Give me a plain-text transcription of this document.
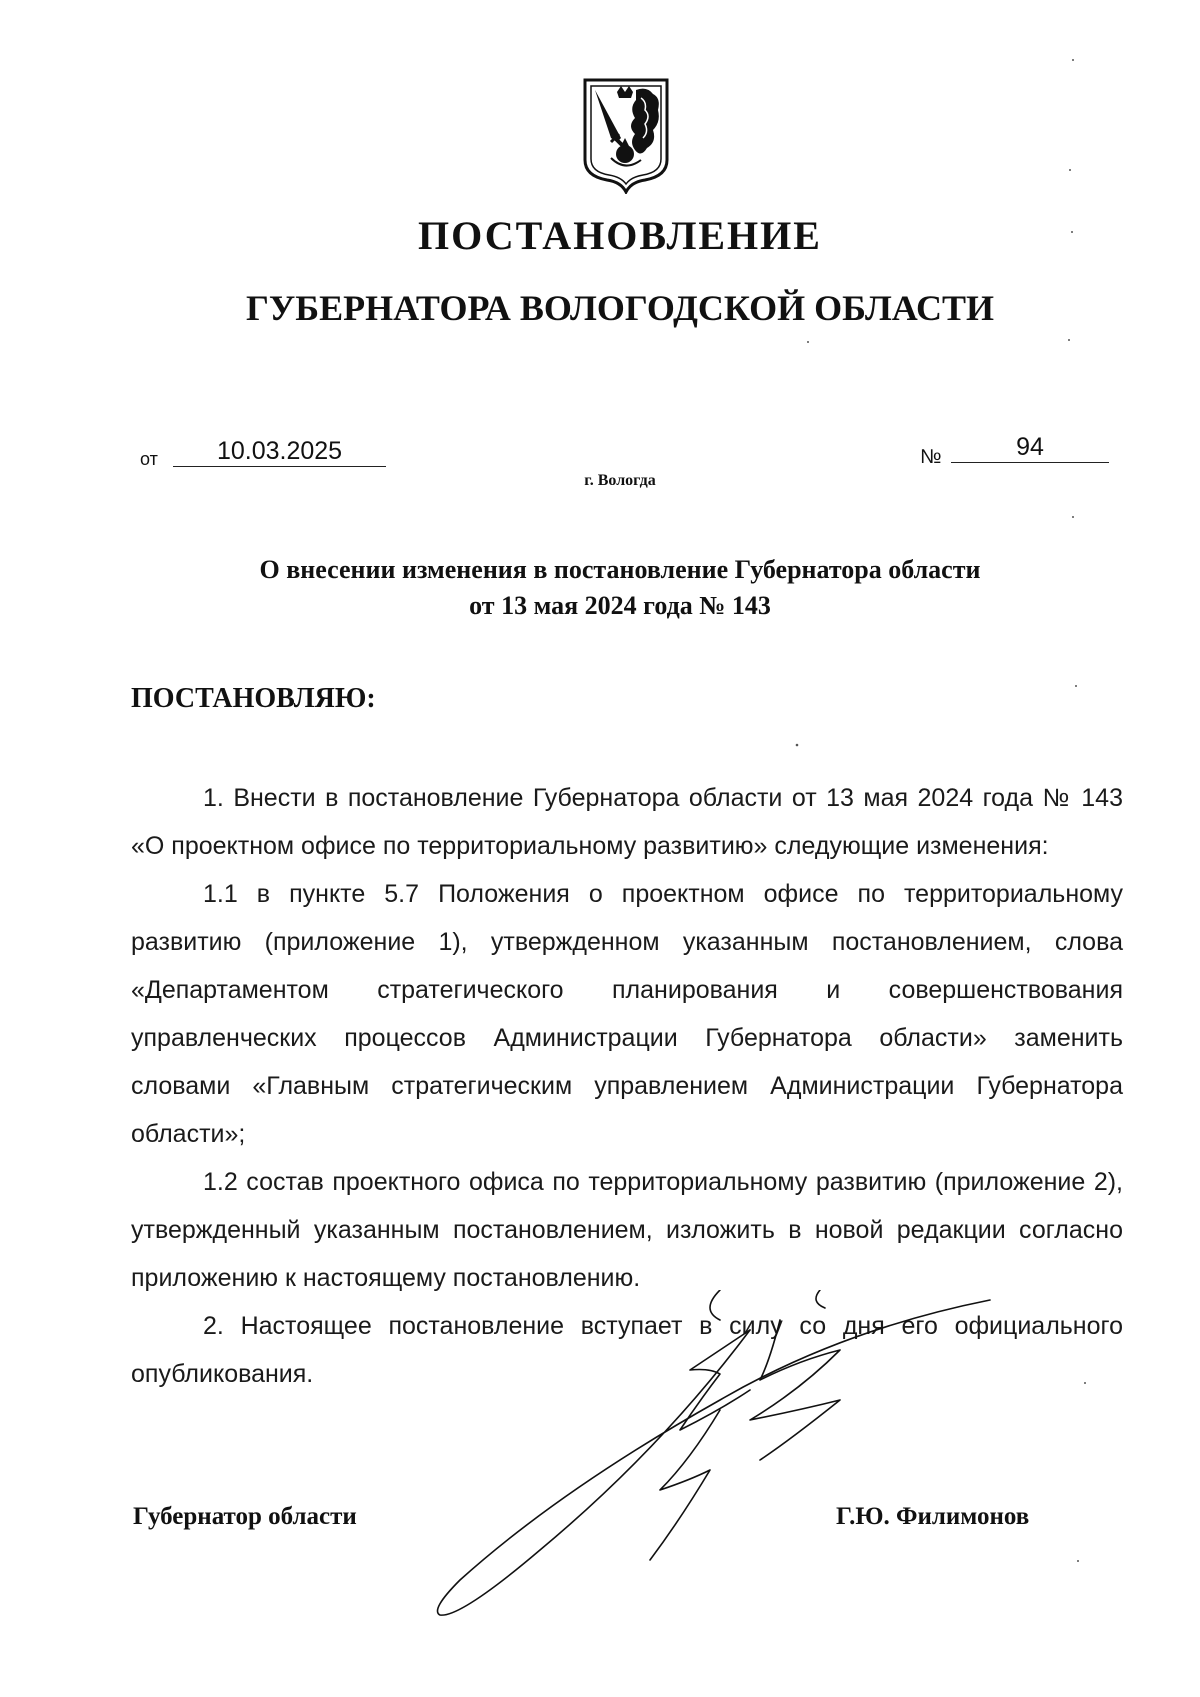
ПОСТАНОВЛЕНИЕ
ГУБЕРНАТОРА ВОЛОГОДСКОЙ ОБЛАСТИ
от	10.03.2025	№	94
г. Вологда
О внесении изменения в постановление Губернатора области
от 13 мая 2024 года № 143
ПОСТАНОВЛЯЮ:

1. Внести в постановление Губернатора области от 13 мая 2024 года № 143 «О проектном офисе по территориальному развитию» следующие изменения:

1.1 в пункте 5.7 Положения о проектном офисе по территориальному развитию (приложение 1), утвержденном указанным постановлением, слова «Департаментом стратегического планирования и совершенствования управленческих процессов Администрации Губернатора области» заменить словами «Главным стратегическим управлением Администрации Губернатора области»;

1.2 состав проектного офиса по территориальному развитию (приложение 2), утвержденный указанным постановлением, изложить в новой редакции согласно приложению к настоящему постановлению.

2. Настоящее постановление вступает в силу со дня его официального опубликования.

Губернатор области	Г.Ю. Филимонов
